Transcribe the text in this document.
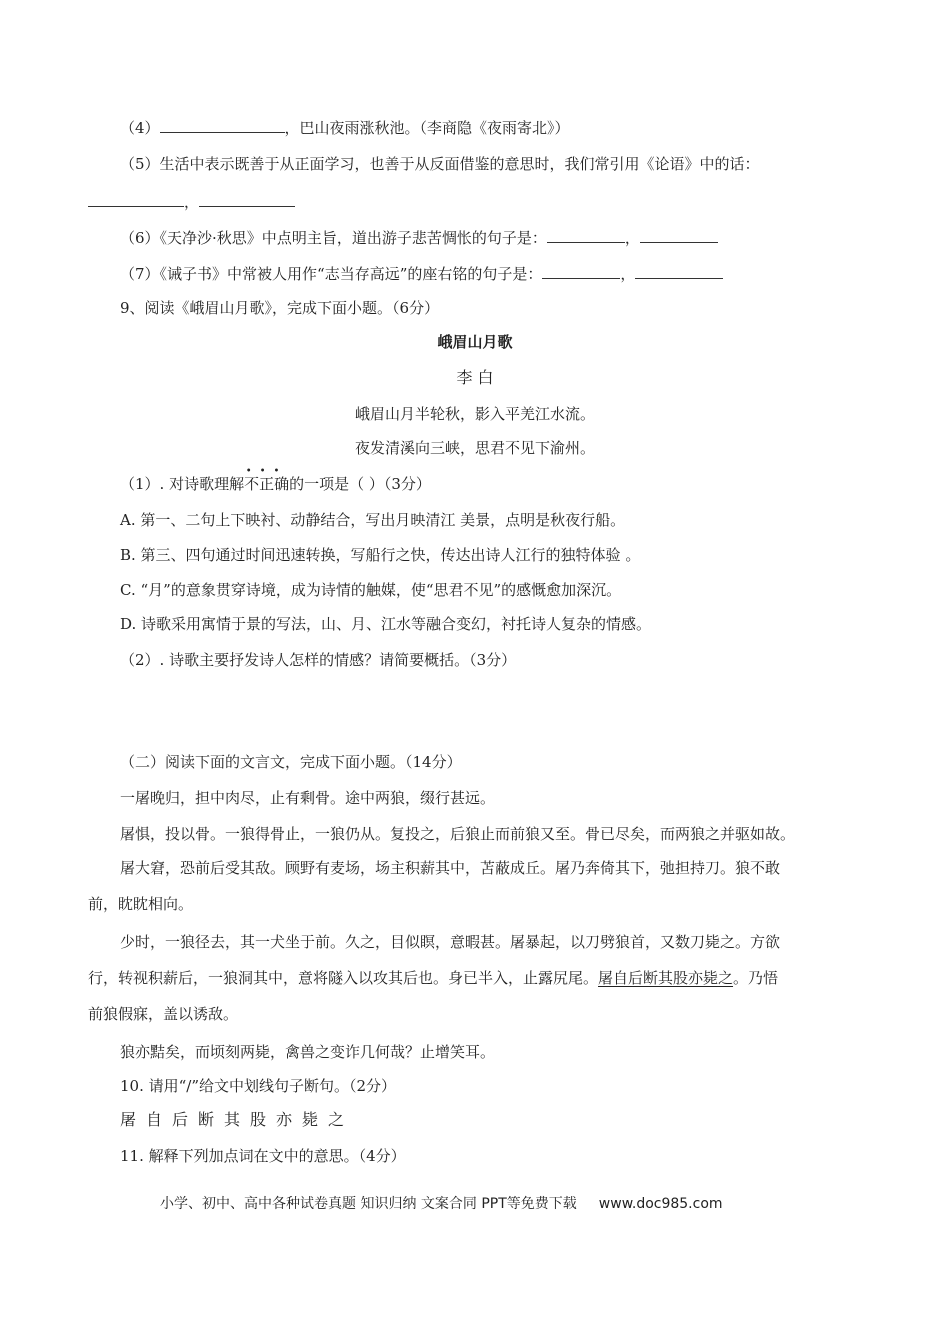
（4）	，巴山夜雨涨秋池。（李商隐《夜雨寄北》）
（5）生活中表示既善于从正面学习，也善于从反面借鉴的意思时，我们常引用《论语》中的话：
，
（6）《天净沙·秋思》中点明主旨，道出游子悲苦惆怅的句子是：	，
（7）《诫子书》中常被人用作“志当存高远”的座右铭的句子是：	，
9、阅读《峨眉山月歌》，完成下面小题。（6分）
峨眉山月歌
李 白
峨眉山月半轮秋，影入平羌江水流。
夜发清溪向三峡，思君不见下渝州。
（1）. 对诗歌理解
•••
不正确的一项是（ ）（3分）
A. 第一、二句上下映衬、动静结合，写出月映清江 美景，点明是秋夜行船。
B. 第三、四句通过时间迅速转换，写船行之快，传达出诗人江行的独特体验 。
C. “月”的意象贯穿诗境，成为诗情的触媒，使“思君不见”的感慨愈加深沉。
D. 诗歌采用寓情于景的写法，山、月、江水等融合变幻，衬托诗人复杂的情感。
（2）. 诗歌主要抒发诗人怎样的情感？请简要概括。（3分）
（二）阅读下面的文言文，完成下面小题。（14分）
一屠晚归，担中肉尽，止有剩骨。途中两狼，缀行甚远。
屠惧，投以骨。一狼得骨止，一狼仍从。复投之，后狼止而前狼又至。骨已尽矣，而两狼之并驱如故。
屠大窘，恐前后受其敌。顾野有麦场，场主积薪其中，苫蔽成丘。屠乃奔倚其下，弛担持刀。狼不敢
前，眈眈相向。
少时，一狼径去，其一犬坐于前。久之，目似瞑，意暇甚。屠暴起，以刀劈狼首，又数刀毙之。方欲
行，转视积薪后，一狼洞其中，意将隧入以攻其后也。身已半入，止露尻尾。屠自后断其股亦毙之。乃悟
前狼假寐，盖以诱敌。
狼亦黠矣，而顷刻两毙，禽兽之变诈几何哉？止增笑耳。
10. 请用“/”给文中划线句子断句。（2分）
屠自后断其股亦毙之
11. 解释下列加点词在文中的意思。（4分）
小学、初中、高中各种试卷真题 知识归纳 文案合同 PPT等免费下载 www.doc985.com
